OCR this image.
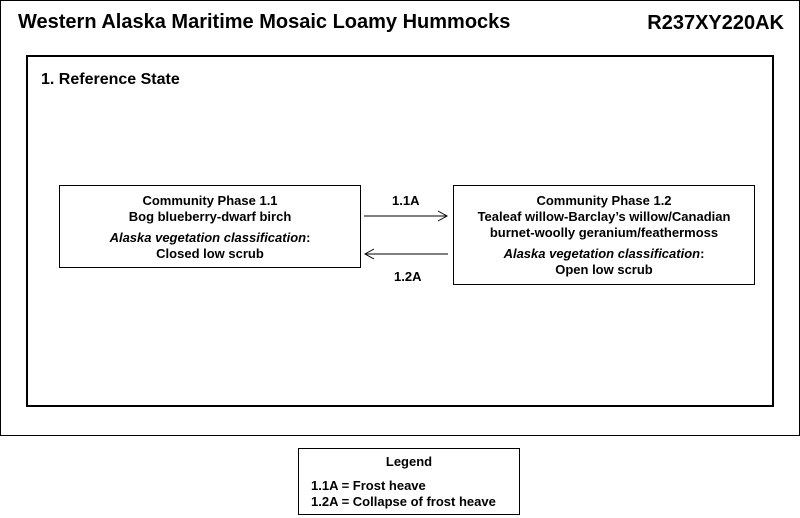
Western Alaska Maritime Mosaic Loamy Hummocks	R237XY220AK
1. Reference State
Community Phase 1.1
Bog blueberry-dwarf birch
Alaska vegetation classification:
Closed low scrub
Community Phase 1.2
Tealeaf willow-Barclay’s willow/Canadian
burnet-woolly geranium/feathermoss
Alaska vegetation classification:
Open low scrub
1.1A
1.2A
Legend
1.1A = Frost heave
1.2A = Collapse of frost heave
